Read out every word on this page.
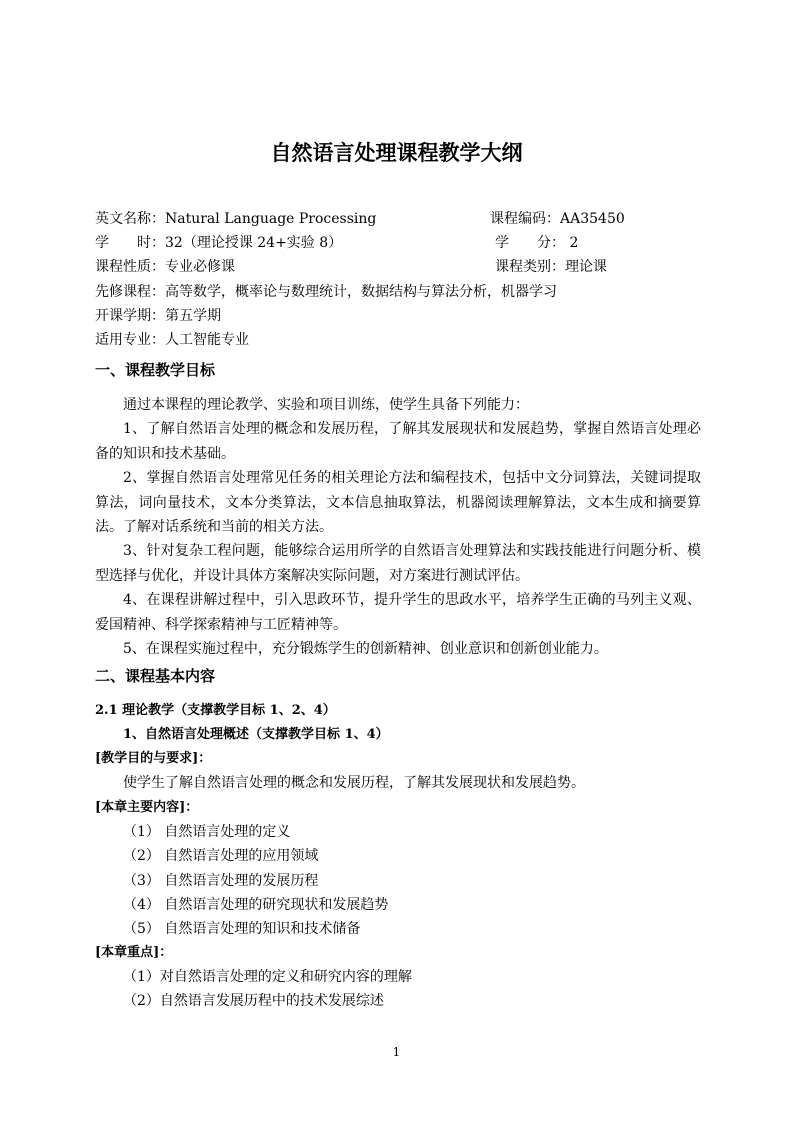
自然语言处理课程教学大纲
英文名称：Natural Language Processing	课程编码：AA35450
学　　时：32（理论授课 24+实验 8）	学　　分： 2
课程性质：专业必修课	课程类别：理论课
先修课程：高等数学，概率论与数理统计，数据结构与算法分析，机器学习
开课学期：第五学期
适用专业：人工智能专业
一、课程教学目标
通过本课程的理论教学、实验和项目训练，使学生具备下列能力：
1、了解自然语言处理的概念和发展历程，了解其发展现状和发展趋势，掌握自然语言处理必备的知识和技术基础。
2、掌握自然语言处理常见任务的相关理论方法和编程技术，包括中文分词算法，关键词提取算法，词向量技术，文本分类算法，文本信息抽取算法，机器阅读理解算法，文本生成和摘要算法。了解对话系统和当前的相关方法。
3、针对复杂工程问题，能够综合运用所学的自然语言处理算法和实践技能进行问题分析、模型选择与优化，并设计具体方案解决实际问题，对方案进行测试评估。
4、在课程讲解过程中，引入思政环节，提升学生的思政水平，培养学生正确的马列主义观、爱国精神、科学探索精神与工匠精神等。
5、在课程实施过程中，充分锻炼学生的创新精神、创业意识和创新创业能力。
二、课程基本内容
2.1 理论教学（支撑教学目标 1、2、4）
1、自然语言处理概述（支撑教学目标 1、4）
[教学目的与要求]：
使学生了解自然语言处理的概念和发展历程，了解其发展现状和发展趋势。
[本章主要内容]：
（1） 自然语言处理的定义
（2） 自然语言处理的应用领域
（3） 自然语言处理的发展历程
（4） 自然语言处理的研究现状和发展趋势
（5） 自然语言处理的知识和技术储备
[本章重点]：
（1）对自然语言处理的定义和研究内容的理解
（2）自然语言发展历程中的技术发展综述
1
